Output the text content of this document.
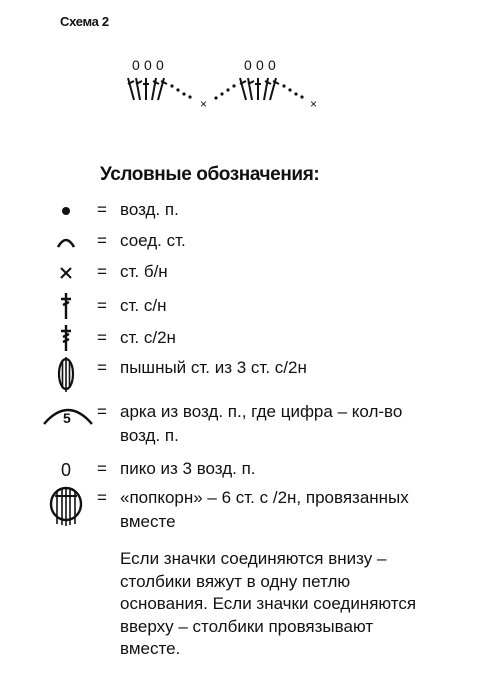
Схема 2
0 0 0
×
0 0 0
×
Условные обозначения:
= возд. п.
= соед. ст.
= ст. б/н
= ст. с/н
= ст. с/2н
= пышный ст. из 3 ст. с/2н
5 = арка из возд. п., где цифра – кол-во
возд. п.
0	= пико из 3 возд. п.
= «попкорн» – 6 ст. с /2н, провязанных
вместе
Если значки соединяются внизу –
столбики вяжут в одну петлю
основания. Если значки соединяются
вверху – столбики провязывают
вместе.
